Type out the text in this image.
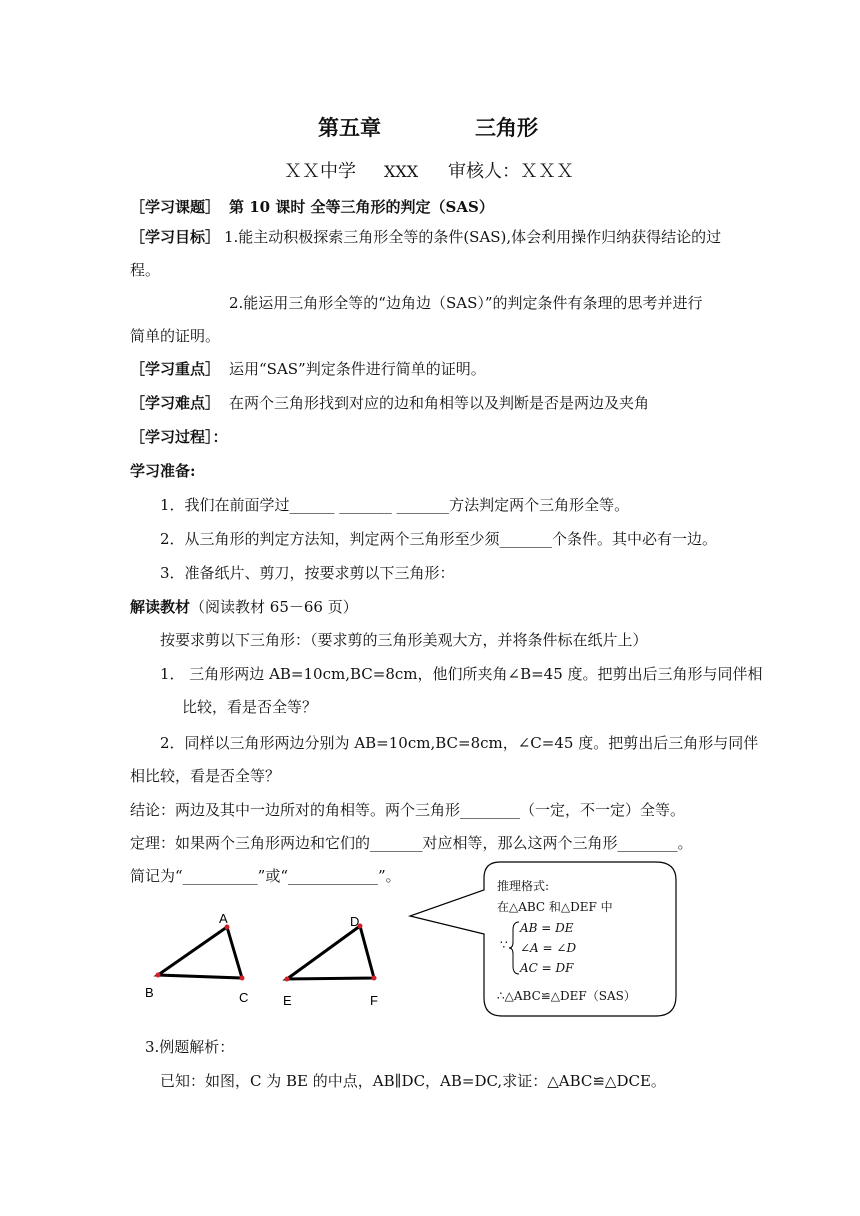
第五章	三角形
ＸＸ中学 XXX 审核人：ＸＸＸ
［学习课题］ 第 10 课时 全等三角形的判定（SAS）
［学习目标］ 1.能主动积极探索三角形全等的条件(SAS),体会利用操作归纳获得结论的过
程。
2.能运用三角形全等的“边角边（SAS）”的判定条件有条理的思考并进行
简单的证明。
［学习重点］ 运用“SAS”判定条件进行简单的证明。
［学习难点］ 在两个三角形找到对应的边和角相等以及判断是否是两边及夹角
［学习过程］：
学习准备:
1．我们在前面学过______ _______ _______方法判定两个三角形全等。
2．从三角形的判定方法知，判定两个三角形至少须_______个条件。其中必有一边。
3．准备纸片、剪刀，按要求剪以下三角形：
解读教材（阅读教材 65－66 页）
按要求剪以下三角形：（要求剪的三角形美观大方，并将条件标在纸片上）
1． 三角形两边 AB=10cm,BC=8cm，他们所夹角∠B=45 度。把剪出后三角形与同伴相
比较，看是否全等？
2．同样以三角形两边分别为 AB=10cm,BC=8cm，∠C=45 度。把剪出后三角形与同伴
相比较，看是否全等？
结论：两边及其中一边所对的角相等。两个三角形________（一定，不一定）全等。
定理：如果两个三角形两边和它们的_______对应相等，那么这两个三角形________。
简记为“__________”或“____________”。
推理格式:
在△ABC 和△DEF 中
∵
AB = DE
∠A = ∠D
AC = DF
∴△ABC≌△DEF（SAS）
A
B	C
D
E	F
3.例题解析：
已知：如图，C 为 BE 的中点，AB∥DC，AB=DC,求证：△ABC≌△DCE。
